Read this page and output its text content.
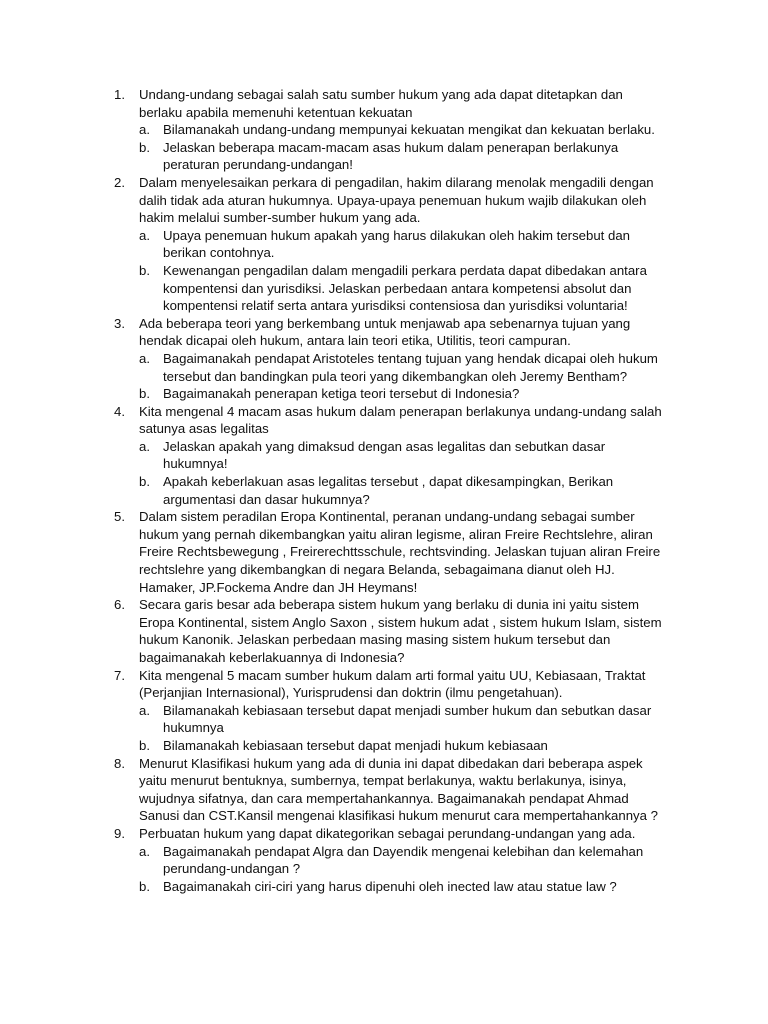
1. Undang-undang sebagai salah satu sumber hukum yang ada dapat ditetapkan dan berlaku apabila memenuhi ketentuan kekuatan
a. Bilamanakah undang-undang mempunyai kekuatan mengikat dan kekuatan berlaku.
b. Jelaskan beberapa macam-macam asas hukum dalam penerapan berlakunya peraturan perundang-undangan!
2. Dalam menyelesaikan perkara di pengadilan, hakim dilarang menolak mengadili dengan dalih tidak ada aturan hukumnya. Upaya-upaya penemuan hukum wajib dilakukan oleh hakim melalui sumber-sumber hukum yang ada.
a. Upaya penemuan hukum apakah yang harus dilakukan oleh hakim tersebut dan berikan contohnya.
b. Kewenangan pengadilan dalam mengadili perkara perdata dapat dibedakan antara kompentensi dan yurisdiksi. Jelaskan perbedaan antara kompetensi absolut dan kompentensi relatif serta antara yurisdiksi contensiosa dan yurisdiksi voluntaria!
3. Ada beberapa teori yang berkembang untuk menjawab apa sebenarnya tujuan yang hendak dicapai oleh hukum, antara lain teori etika, Utilitis, teori campuran.
a. Bagaimanakah pendapat Aristoteles tentang tujuan yang hendak dicapai oleh hukum tersebut dan bandingkan pula teori yang dikembangkan oleh Jeremy Bentham?
b. Bagaimanakah penerapan ketiga teori tersebut di Indonesia?
4. Kita mengenal 4 macam asas hukum dalam penerapan berlakunya undang-undang salah satunya asas legalitas
a. Jelaskan apakah yang dimaksud dengan asas legalitas dan sebutkan dasar hukumnya!
b. Apakah keberlakuan asas legalitas tersebut , dapat dikesampingkan, Berikan argumentasi dan dasar hukumnya?
5. Dalam sistem peradilan Eropa Kontinental, peranan undang-undang sebagai sumber hukum yang pernah dikembangkan yaitu aliran legisme, aliran Freire Rechtslehre, aliran Freire Rechtsbewegung , Freirerechttsschule, rechtsvinding. Jelaskan tujuan aliran Freire rechtslehre yang dikembangkan di negara Belanda, sebagaimana dianut oleh HJ. Hamaker, JP.Fockema Andre dan JH Heymans!
6. Secara garis besar ada beberapa sistem hukum yang berlaku di dunia ini yaitu sistem Eropa Kontinental, sistem Anglo Saxon , sistem hukum adat , sistem hukum Islam, sistem hukum Kanonik. Jelaskan perbedaan masing masing sistem hukum tersebut dan bagaimanakah keberlakuannya di Indonesia?
7. Kita mengenal 5 macam sumber hukum dalam arti formal yaitu UU, Kebiasaan, Traktat (Perjanjian Internasional), Yurisprudensi dan doktrin (ilmu pengetahuan).
a. Bilamanakah kebiasaan tersebut dapat menjadi sumber hukum dan sebutkan dasar hukumnya
b. Bilamanakah kebiasaan tersebut dapat menjadi hukum kebiasaan
8. Menurut Klasifikasi hukum yang ada di dunia ini dapat dibedakan dari beberapa aspek yaitu menurut bentuknya, sumbernya, tempat berlakunya, waktu berlakunya, isinya, wujudnya sifatnya, dan cara mempertahankannya. Bagaimanakah pendapat Ahmad Sanusi dan CST.Kansil mengenai klasifikasi hukum menurut cara mempertahankannya ?
9. Perbuatan hukum yang dapat dikategorikan sebagai perundang-undangan yang ada.
a. Bagaimanakah pendapat Algra dan Dayendik mengenai kelebihan dan kelemahan perundang-undangan ?
b. Bagaimanakah ciri-ciri yang harus dipenuhi oleh inected law atau statue law ?
